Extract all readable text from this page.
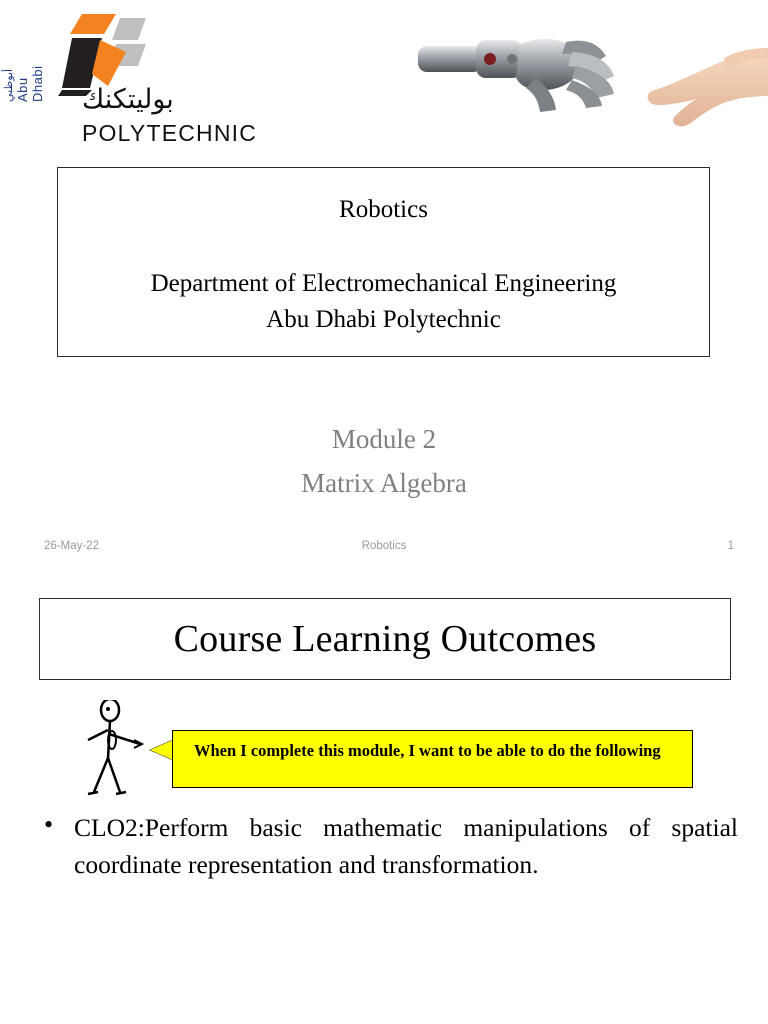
أبوظبي Abu Dhabi	بوليتكنك
POLYTECHNIC
Robotics
Department of Electromechanical Engineering
Abu Dhabi Polytechnic
Module 2
Matrix Algebra
26-May-22	Robotics	1
Course Learning Outcomes
When I complete this module, I want to be able to do the following
• CLO2:Perform basic mathematic manipulations of spatial coordinate representation and transformation.
